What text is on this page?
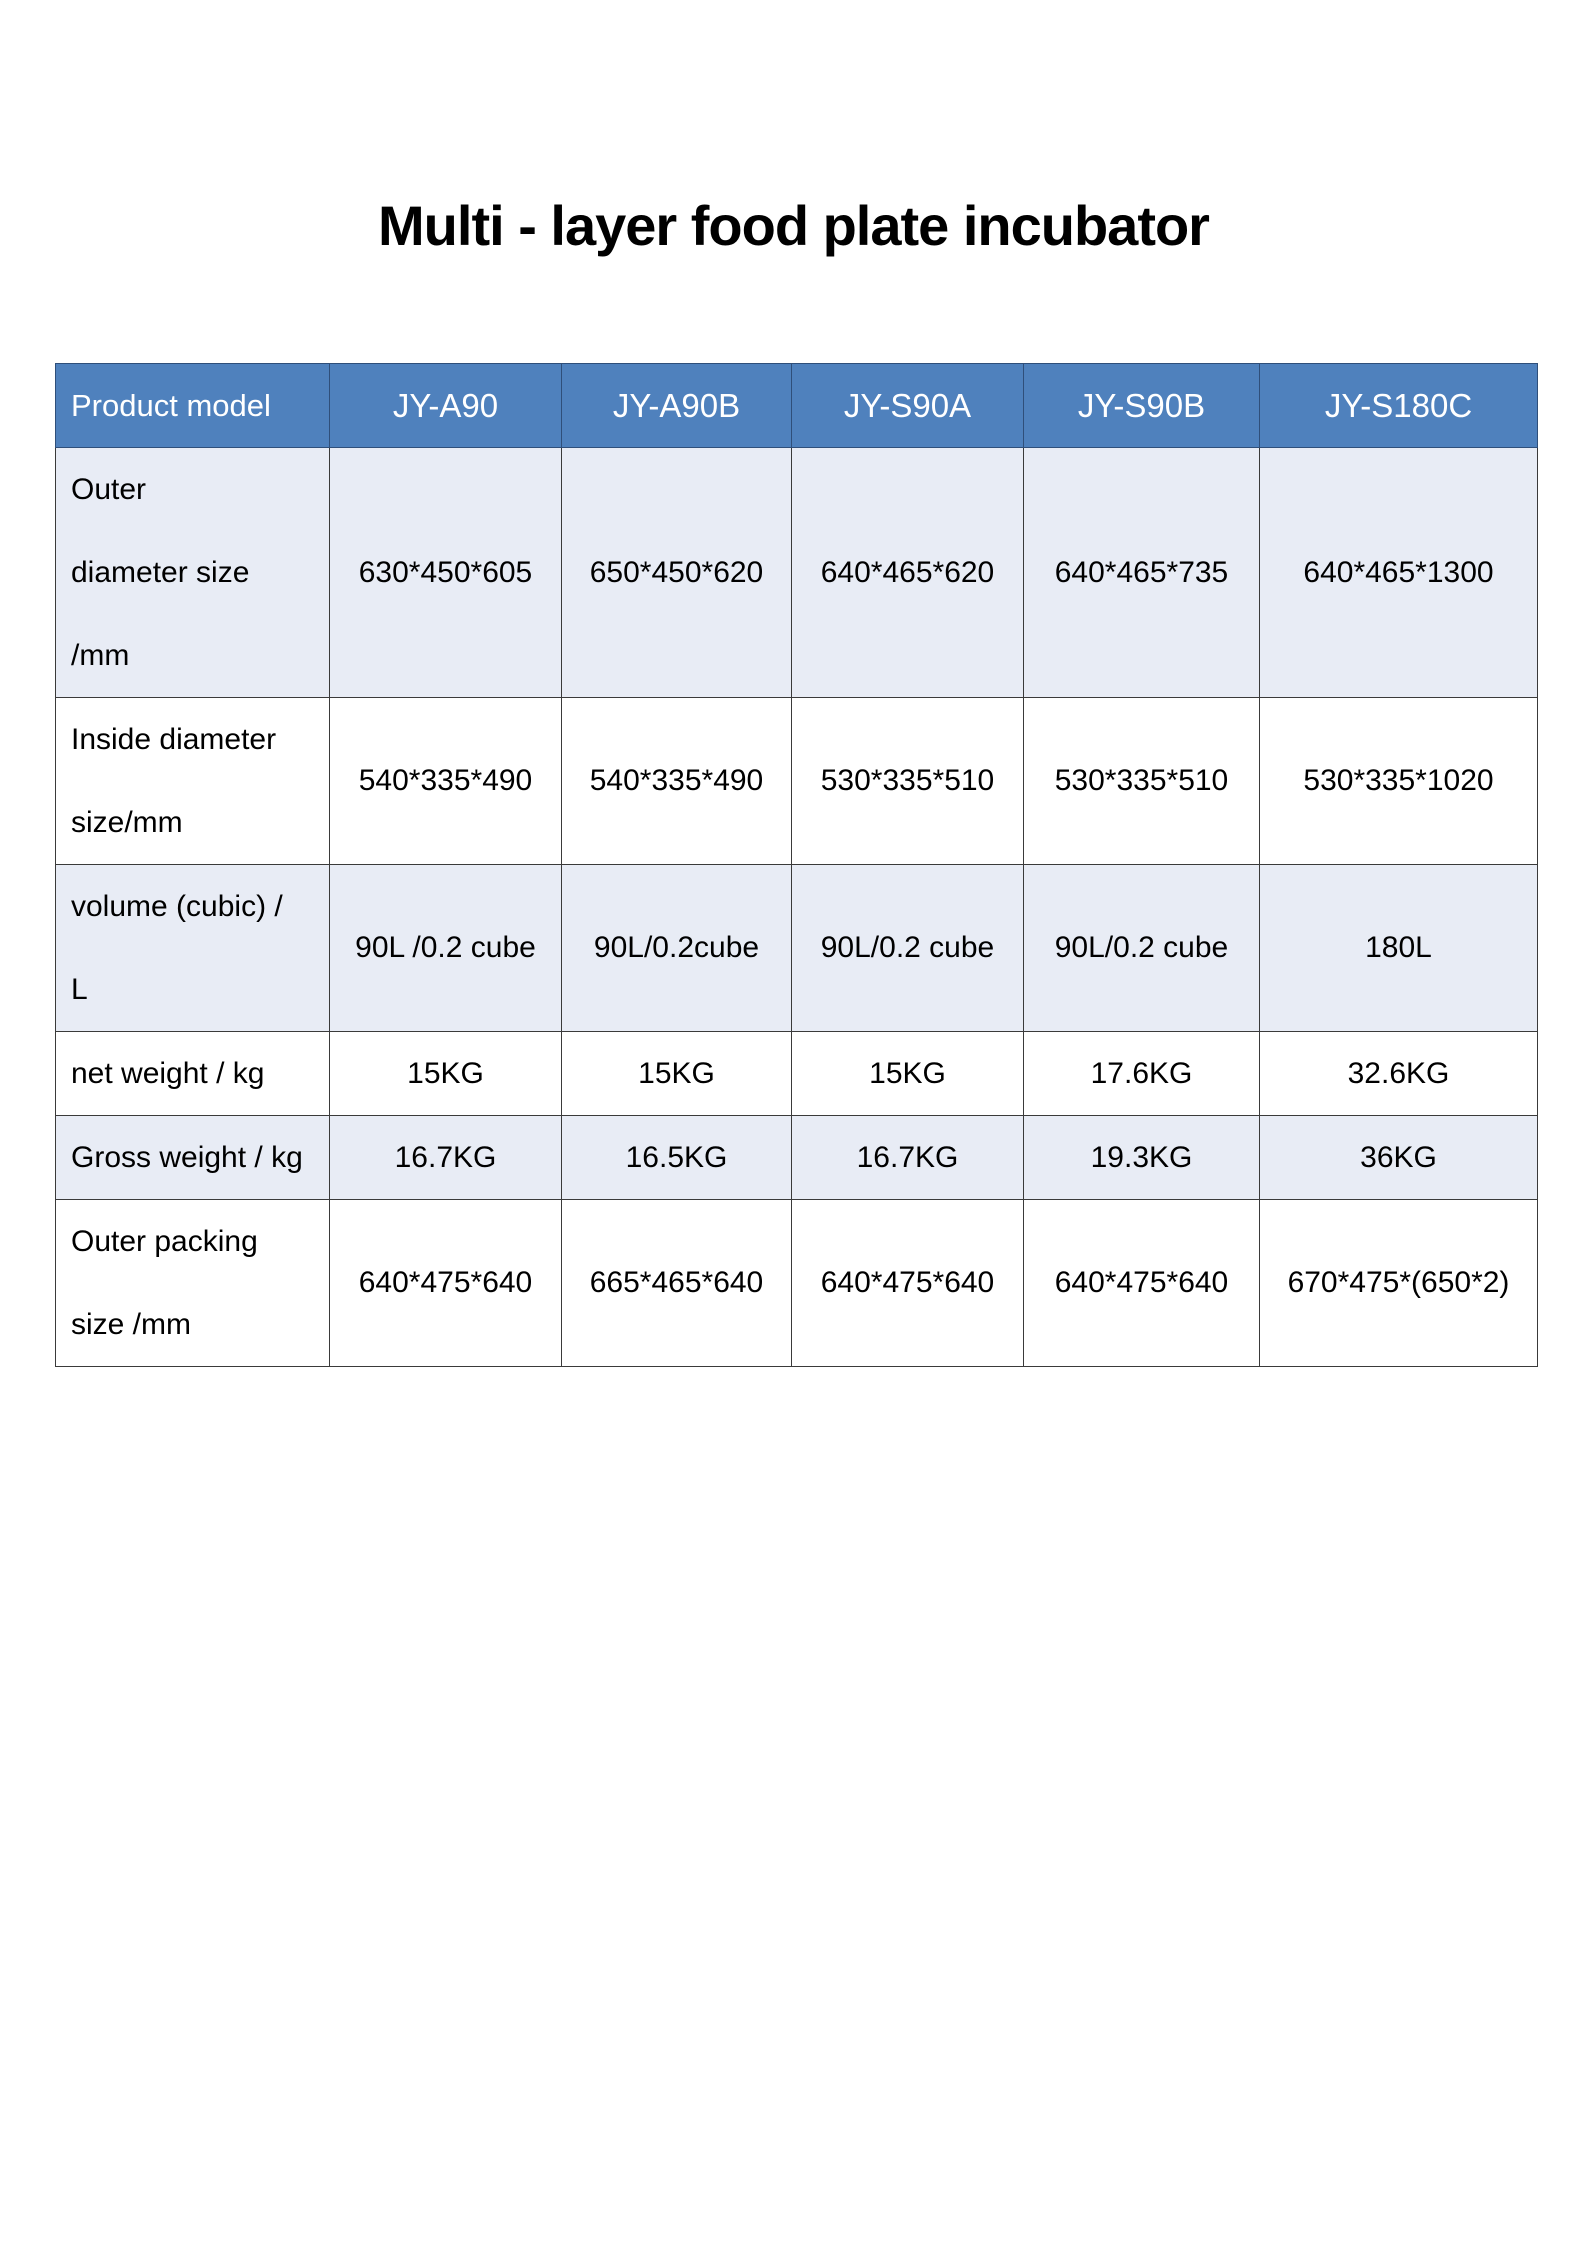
Multi - layer food plate incubator
Product model	JY-A90	JY-A90B	JY-S90A	JY-S90B	JY-S180C

Outer
diameter size
/mm	630*450*605	650*450*620	640*465*620	640*465*735	640*465*1300

Inside diameter
size/mm	540*335*490	540*335*490	530*335*510	530*335*510	530*335*1020

volume (cubic) /
L	90L /0.2 cube	90L/0.2cube	90L/0.2 cube	90L/0.2 cube	180L

net weight / kg	15KG	15KG	15KG	17.6KG	32.6KG

Gross weight / kg	16.7KG	16.5KG	16.7KG	19.3KG	36KG

Outer packing
size /mm	640*475*640	665*465*640	640*475*640	640*475*640	670*475*(650*2)
